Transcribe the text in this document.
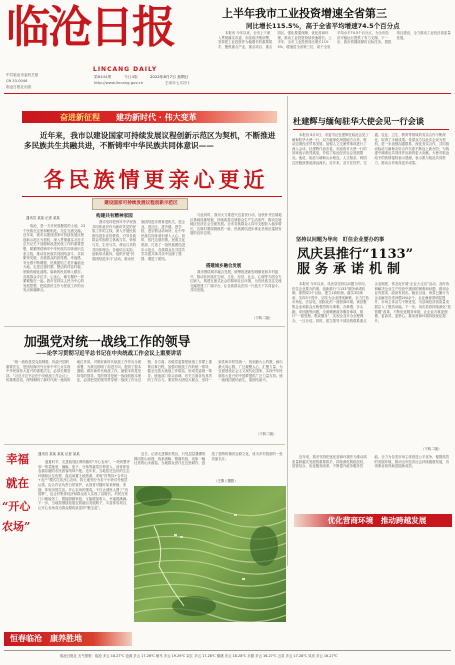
临沧日报
LINCANG DAILY
中共临沧市委机关报
CN 53-0046
临沧日报社出版
第8444期	今日4版	2022年8月7日 星期日
http://www.lincang.gov.cn	壬寅年七月初十
上半年我市工业投资增速全省第三
同比增长115.5%，高于全省平均增速74.5个百分点

本报讯 今年以来，全市上下深入贯彻落实市委、市政府决策部署，坚持把工业投资作为稳增长的重要抓手，聚焦重点产业、重点项目、重点园区，强化要素保障，优化营商环境，推动工业投资持续快速增长。上半年，全市工业投资同比增长115.5%，增速居全省第三位，高于全省平均水平74.5个百分点，为全市经济平稳运行提供了有力支撑。下一步，我市将继续紧盯目标任务，狠抓项目建设，全力推动工业经济高质量发展。

奋进新征程 建功新时代 · 伟大变革
近年来，我市以建设国家可持续发展议程创新示范区为契机，不断推进多民族共生共融共进，不断铸牢中华民族共同体意识——
各民族情更亲心更近
通讯员 某某 记者 某某

临沧，是一方多民族聚居的土地，23个民族在这里和睦相处、交往交流交融。近年来，我市以建设国家可持续发展议程创新示范区为契机，深入贯彻落实习近平总书记关于加强和改进民族工作的重要思想，紧紧围绕铸牢中华民族共同体意识这条主线，推动各民族共同团结奋斗、共同繁荣发展，各族群众的获得感、幸福感、安全感不断增强，民族团结之花开遍临沧大地。走进边境村寨，整洁的村容村貌、宽敞的硬化道路、崭新的民居映入眼帘，各族群众手拉手、心连心，像石榴籽一样紧紧抱在一起。我市坚持以人民为中心的发展思想，把改善民生作为民族工作的出发点和落脚点。

建设国家可持续发展议程创新示范区
构建共有精神家园

我市坚持把铸牢中华民族共同体意识作为新时代党的民族工作的主线，深入开展民族团结进步宣传教育，引导各族群众牢固树立休戚与共、荣辱与共、生死与共、命运与共的共同体理念。各地结合实际，创新形式载体，组织开展“民族团结进步月”活动，推动民族团结进步教育进机关、进企业、进社区、进乡镇、进学校、进宗教活动场所，让中华民族共同体意识深入人心。同时，依托边境村寨、民族文化资源，打造了一批民族团结进步示范点，各族群众在共居共学共建共事共乐中加深了感情、增进了团结。

与此同时，我市大力推进兴边富民行动，加快补齐边境地区基础设施短板，持续改善边境群众生产生活条件，推动边境地区经济社会全面发展。全市各族群众人均可支配收入稳步增长，边境村寨面貌焕然一新，民族团结进步事业呈现出蓬勃发展的良好态势。

搭建城乡融合发展

我市围绕城乡融合发展，统筹推进新型城镇化和乡村振兴，推动各民族在空间、文化、经济、社会、心理等方面全方位嵌入，构建互嵌式社会结构和社区环境，为各民族交往交流交融搭建了广阔平台，让各族群众在同一片蓝天下共同奋斗、共同发展。

（下转二版）
杜建辉与缅甸驻华大使会见一行会谈

本报讯 8月5日，市委书记杜建辉在临沧会见了缅甸驻华大使一行，双方就深化两国地方合作、推动边境经济贸易发展、加强人文交流等事项进行了深入会谈。杜建辉代表市委、市政府对大使一行的到来表示热烈欢迎，介绍了临沧经济社会发展情况。他说，临沧与缅甸山水相连、人文相亲，两国边民胞波情谊源远流长。近年来，双方在经贸、交通、农业、卫生、教育等领域的务实合作不断深化，取得了丰硕成果。希望双方以此次会谈为契机，进一步加强沟通联系，深化务实合作，共同推动临沧与缅甸友好合作关系不断迈上新台阶，为构建中缅命运共同体作出新的更大贡献。大使对临沧给予的热情接待表示感谢，表示愿与临沧共同努力，推动合作取得更多成果。

坚持以问题为导向　盯住企业要办的事
凤庆县推行“1133”
服务承诺机制

本报讯 今年以来，凤庆县坚持以问题为导向，盯住企业要办的事，创新推行“1133”服务承诺机制，即围绕1个目标、建立1套机制、落实3项承诺、实现3个提升，切实为企业排忧解难，全力打造市场化、法治化、国际化的一流营商环境。该县聚焦企业和群众反映强烈的办事难、办事慢、多头跑、来回跑等问题，全面梳理政务服务事项，推行“一窗受理、集成服务”，实现企业开办全程网办、一日办结。同时，建立领导干部挂钩联系重点企业制度，常态化开展“企业大走访”活动，及时协调解决企业生产经营中遇到的困难和问题，做到企业有需求、政府有回应。截至目前，该县已累计为企业解决各类问题200余个，企业满意度明显提升，市场主体活力不断迸发，为县域经济高质量发展注入了强劲动能。下一步，凤庆县将持续深化“放管服”改革，不断优化服务举措，让企业办事更便捷、更高效、更舒心，推动营商环境持续优化提升。

（下转二版）
优化营商环境　推动跨越发展

近年来，我市坚持把优化营商环境作为推动高质量跨越式发展的重要抓手，持续深化简政放权、放管结合、优化服务改革，不断提升政务服务效能，全力为各类市场主体营造公平竞争、便捷高效的发展环境，推动全市经济社会持续健康发展，各项事业取得新进展新成效。

加强党对统一战线工作的领导
——论学习贯彻习近平总书记在中央统战工作会议上重要讲话

“统一战线是党克敌制胜、执政兴国的重要法宝，是团结海内外全体中华儿女实现中华民族伟大复兴的重要法宝，必须长期坚持。”习近平总书记在中央统战工作会议上的重要讲话，深刻阐明了新时代统一战线的地位作用，对做好新时代统战工作作出全面部署，为我们指明了前进方向、提供了根本遵循。做好新时代统战工作，最根本的是坚持党的领导。党的领导是统一战线的根本保证，必须把党的领导贯穿统一战线工作全过程、各方面。各级党委要把统战工作摆上重要议事日程，加强对统战工作的统一领导，健全完善大统战工作格局，形成党委统一领导、统战部门牵头协调、有关方面各负其责的工作合力。要坚持大团结大联合，坚持一致性和多样性统一，找到最大公约数，画出最大同心圆，广泛凝聚人心、汇聚力量，为全面建设社会主义现代化国家、实现中华民族伟大复兴的中国梦提供广泛力量支持。统一战线因团结而生，靠团结而兴。

（下转二版）
幸福
就在
“开心
农场”
通讯员 某某 某某 记者 某某

盛夏时节，走进临翔区博尚镇的“开心农场”，一块块整齐划一的菜地里，辣椒、茄子、豆角等蔬菜长势喜人，前来体验农耕乐趣的市民游客络绎不绝。近年来，当地依托良好的生态环境和区位优势，盘活闲置土地资源，采取“村集体+合作社+农户”模式打造开心农场，将土地划分为若干小块对外租赁认领，由合作社负责日常管护，认领者可随时前来种植、采摘，体验田园生活。开心农场的建成，不仅让城里人圆了“田园梦”，也让村集体经济和群众收入实现了双增长。村民在家门口就能务工，既能照顾家庭，又能增加收入，幸福感满满。下一步，当地将继续拓展农旅融合发展路子，丰富体验项目，让开心农场成为群众增收致富的“聚宝盆”。

近日，记者走进梯田景区，只见层层叠叠的梯田依山而建，线条流畅、错落有致，宛如一幅壮美的山水画卷。当地群众世代在这里耕作，创造了独特的梯田农耕文化，成为乡村旅游的一张亮丽名片。

（王倩 / 摄影）
恒春临沧　康养胜地
临沧日报社 天气预报：临沧 多云 18-27℃ 沧源 多云 17-26℃ 耿马 多云 19-29℃ 双江 多云 17-28℃ 镇康 多云 18-28℃ 永德 多云 16-27℃ 云县 多云 17-28℃ 凤庆 多云 16-27℃
